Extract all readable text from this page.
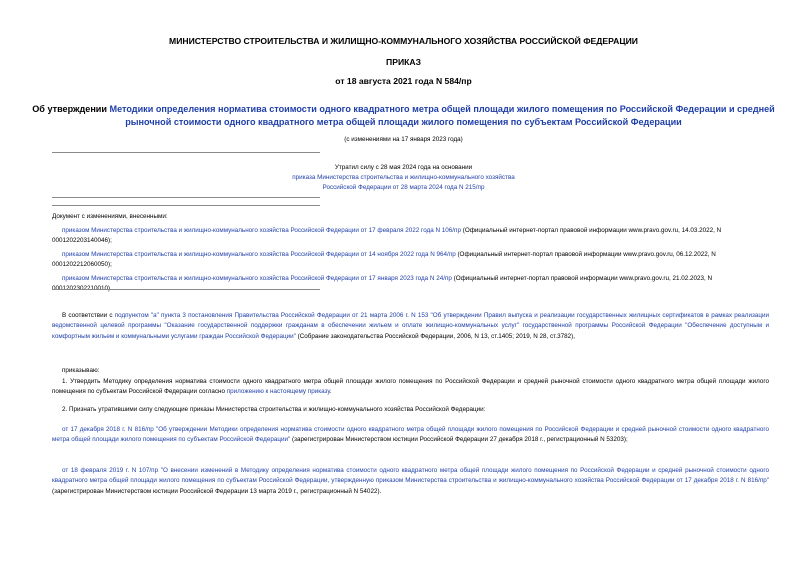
МИНИСТЕРСТВО СТРОИТЕЛЬСТВА И ЖИЛИЩНО-КОММУНАЛЬНОГО ХОЗЯЙСТВА РОССИЙСКОЙ ФЕДЕРАЦИИ
ПРИКАЗ
от 18 августа 2021 года N 584/пр
Об утверждении Методики определения норматива стоимости одного квадратного метра общей площади жилого помещения по Российской Федерации и средней рыночной стоимости одного квадратного метра общей площади жилого помещения по субъектам Российской Федерации
(с изменениями на 17 января 2023 года)
Утратил силу с 28 мая 2024 года на основании
приказа Министерства строительства и жилищно-коммунального хозяйства
Российской Федерации от 28 марта 2024 года N 215/пр

Документ с изменениями, внесенными:

приказом Министерства строительства и жилищно-коммунального хозяйства Российской Федерации от 17 февраля 2022 года N 106/пр (Официальный интернет-портал правовой информации www.pravo.gov.ru, 14.03.2022, N 0001202203140046);

приказом Министерства строительства и жилищно-коммунального хозяйства Российской Федерации от 14 ноября 2022 года N 964/пр (Официальный интернет-портал правовой информации www.pravo.gov.ru, 06.12.2022, N 0001202212060050);

приказом Министерства строительства и жилищно-коммунального хозяйства Российской Федерации от 17 января 2023 года N 24/пр (Официальный интернет-портал правовой информации www.pravo.gov.ru, 21.02.2023, N 0001202302210010).

В соответствии с подпунктом "а" пункта 3 постановления Правительства Российской Федерации от 21 марта 2006 г. N 153 "Об утверждении Правил выпуска и реализации государственных жилищных сертификатов в рамках реализации ведомственной целевой программы "Оказание государственной поддержки гражданам в обеспечении жильем и оплате жилищно-коммунальных услуг" государственной программы Российской Федерации "Обеспечение доступным и комфортным жильем и коммунальными услугами граждан Российской Федерации" (Собрание законодательства Российской Федерации, 2006, N 13, ст.1405; 2019, N 28, ст.3782),

приказываю:

1. Утвердить Методику определения норматива стоимости одного квадратного метра общей площади жилого помещения по Российской Федерации и средней рыночной стоимости одного квадратного метра общей площади жилого помещения по субъектам Российской Федерации согласно приложению к настоящему приказу.

2. Признать утратившими силу следующие приказы Министерства строительства и жилищно-коммунального хозяйства Российской Федерации:

от 17 декабря 2018 г. N 816/пр "Об утверждении Методики определения норматива стоимости одного квадратного метра общей площади жилого помещения по Российской Федерации и средней рыночной стоимости одного квадратного метра общей площади жилого помещения по субъектам Российской Федерации" (зарегистрирован Министерством юстиции Российской Федерации 27 декабря 2018 г., регистрационный N 53203);

от 18 февраля 2019 г. N 107/пр "О внесении изменений в Методику определения норматива стоимости одного квадратного метра общей площади жилого помещения по Российской Федерации и средней рыночной стоимости одного квадратного метра общей площади жилого помещения по субъектам Российской Федерации, утвержденную приказом Министерства строительства и жилищно-коммунального хозяйства Российской Федерации от 17 декабря 2018 г. N 816/пр" (зарегистрирован Министерством юстиции Российской Федерации 13 марта 2019 г., регистрационный N 54022).
